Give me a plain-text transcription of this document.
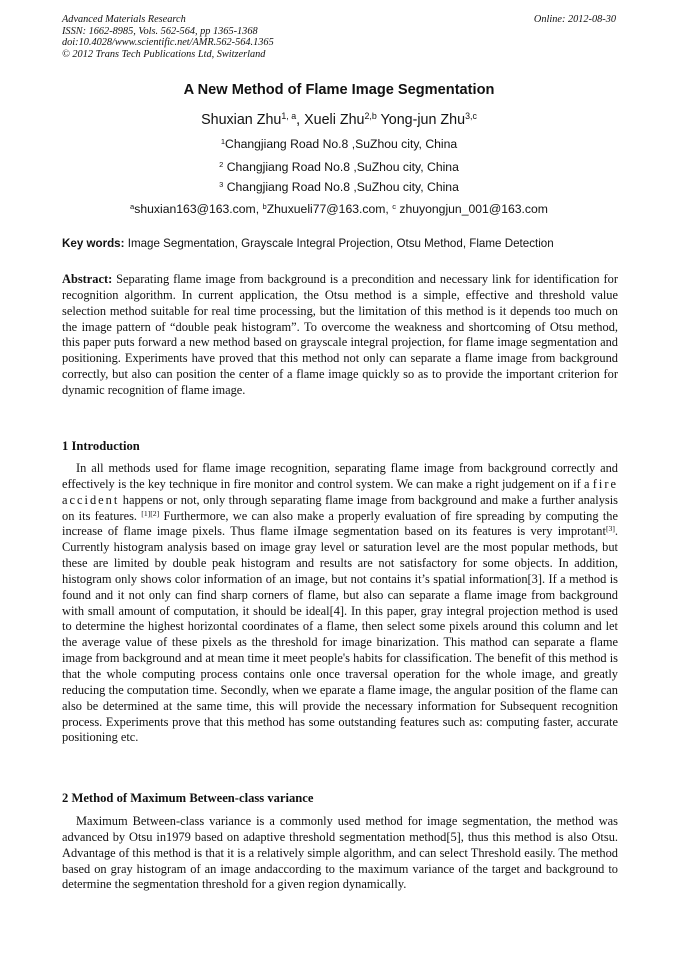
Advanced Materials Research
ISSN: 1662-8985, Vols. 562-564, pp 1365-1368
doi:10.4028/www.scientific.net/AMR.562-564.1365
© 2012 Trans Tech Publications Ltd, Switzerland
Online: 2012-08-30
A New Method of Flame Image Segmentation
Shuxian Zhu$^{1, a}$, Xueli Zhu$^{2,b}$ Yong-jun Zhu$^{3,c}$
$^1$Changjiang Road No.8 ,SuZhou city, China
$^2$ Changjiang Road No.8 ,SuZhou city, China
$^3$ Changjiang Road No.8 ,SuZhou city, China
$^a$shuxian163@163.com, $^b$Zhuxueli77@163.com, $^c$ zhuyongjun_001@163.com
Key words: Image Segmentation, Grayscale Integral Projection, Otsu Method, Flame Detection
Abstract: Separating flame image from background is a precondition and necessary link for identification for recognition algorithm. In current application, the Otsu method is a simple, effective and threshold value selection method suitable for real time processing, but the limitation of this method is it depends too much on the image pattern of “double peak histogram”. To overcome the weakness and shortcoming of Otsu method, this paper puts forward a new method based on grayscale integral projection, for flame image segmentation and positioning. Experiments have proved that this method not only can separate a flame image from background correctly, but also can position the center of a flame image quickly so as to provide the important criterion for dynamic recognition of flame image.
1 Introduction
In all methods used for flame image recognition, separating flame image from background correctly and effectively is the key technique in fire monitor and control system. We can make a right judgement on if a fire accident happens or not, only through separating flame image from background and make a further analysis on its features. [1][2] Furthermore, we can also make a properly evaluation of fire spreading by computing the increase of flame image pixels. Thus flame iImage segmentation based on its features is very improtant[3]. Currently histogram analysis based on image gray level or saturation level are the most popular methods, but these are limited by double peak histogram and results are not satisfactory for some objects. In addition, histogram only shows color information of an image, but not contains it’s spatial information[3]. If a method is found and it not only can find sharp corners of flame, but also can separate a flame image from background with small amount of computation, it should be ideal[4]. In this paper, gray integral projection method is used to determine the highest horizontal coordinates of a flame, then select some pixels around this column and let the average value of these pixels as the threshold for image binarization. This mathod can separate a flame image from background and at mean time it meet people's habits for classification. The benefit of this method is that the whole computing process contains onle once traversal operation for the whole image, and greatly reducing the computation time. Secondly, when we eparate a flame image, the angular position of the flame can also be determined at the same time, this will provide the necessary information for Subsequent recognition process. Experiments prove that this method has some outstanding features such as: computing faster, accurate positioning etc.
2 Method of Maximum Between-class variance
Maximum Between-class variance is a commonly used method for image segmentation, the method was advanced by Otsu in1979 based on adaptive threshold segmentation method[5], thus this method is also Otsu. Advantage of this method is that it is a relatively simple algorithm, and can select Threshold easily. The method based on gray histogram of an image andaccording to the maximum variance of the target and background to determine the segmentation threshold for a given region dynamically.
